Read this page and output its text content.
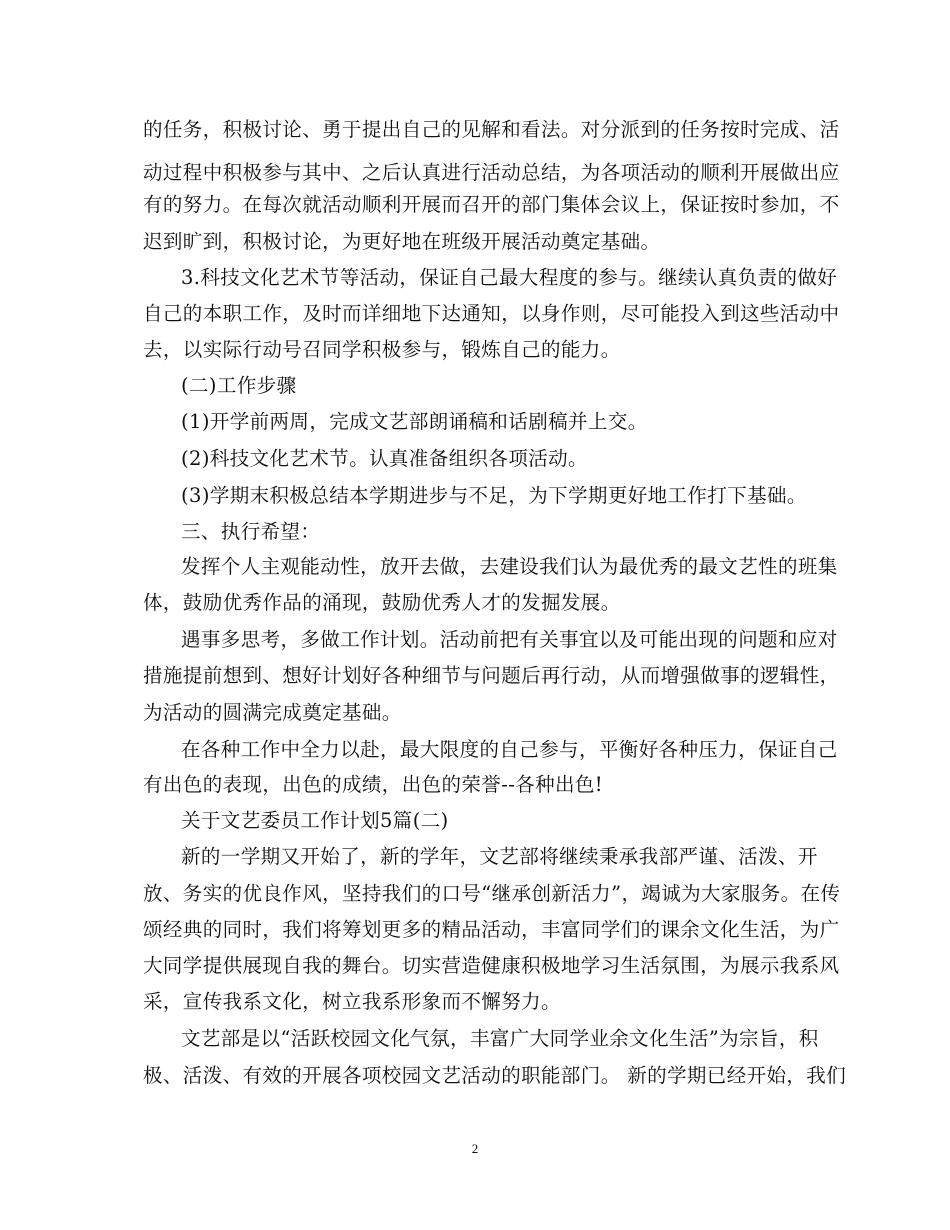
的任务，积极讨论、勇于提出自己的见解和看法。对分派到的任务按时完成、活
动过程中积极参与其中、之后认真进行活动总结，为各项活动的顺利开展做出应
有的努力。在每次就活动顺利开展而召开的部门集体会议上，保证按时参加，不
迟到旷到，积极讨论，为更好地在班级开展活动奠定基础。
3.科技文化艺术节等活动，保证自己最大程度的参与。继续认真负责的做好
自己的本职工作，及时而详细地下达通知，以身作则，尽可能投入到这些活动中
去，以实际行动号召同学积极参与，锻炼自己的能力。
(二)工作步骤
(1)开学前两周，完成文艺部朗诵稿和话剧稿并上交。
(2)科技文化艺术节。认真准备组织各项活动。
(3)学期末积极总结本学期进步与不足，为下学期更好地工作打下基础。
三、执行希望：
发挥个人主观能动性，放开去做，去建设我们认为最优秀的最文艺性的班集
体，鼓励优秀作品的涌现，鼓励优秀人才的发掘发展。
遇事多思考，多做工作计划。活动前把有关事宜以及可能出现的问题和应对
措施提前想到、想好计划好各种细节与问题后再行动，从而增强做事的逻辑性，
为活动的圆满完成奠定基础。
在各种工作中全力以赴，最大限度的自己参与，平衡好各种压力，保证自己
有出色的表现，出色的成绩，出色的荣誉--各种出色!
关于文艺委员工作计划5篇(二)
新的一学期又开始了，新的学年，文艺部将继续秉承我部严谨、活泼、开
放、务实的优良作风，坚持我们的口号“继承创新活力”，竭诚为大家服务。在传
颂经典的同时，我们将筹划更多的精品活动，丰富同学们的课余文化生活，为广
大同学提供展现自我的舞台。切实营造健康积极地学习生活氛围，为展示我系风
采，宣传我系文化，树立我系形象而不懈努力。
文艺部是以“活跃校园文化气氛，丰富广大同学业余文化生活”为宗旨，积
极、活泼、有效的开展各项校园文艺活动的职能部门。 新的学期已经开始，我们
2
